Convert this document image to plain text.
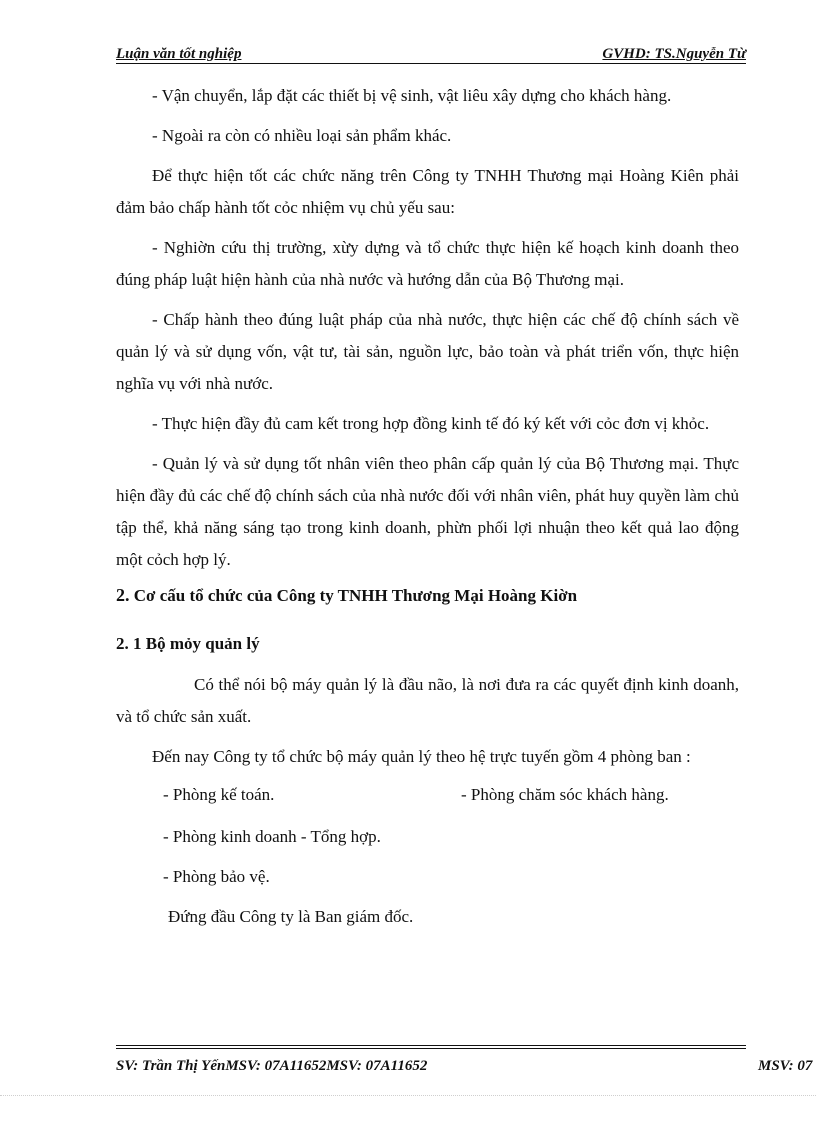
Luận văn tốt nghiệp	GVHD: TS.Nguyễn Từ

- Vận chuyển, lắp đặt các thiết bị vệ sinh, vật liêu xây dựng cho khách hàng.

- Ngoài ra còn có nhiều loại sản phẩm khác.

Để thực hiện tốt các chức năng trên Công ty TNHH Thương mại Hoàng Kiên phải đảm bảo chấp hành tốt cỏc nhiệm vụ chủ yếu sau:

- Nghiờn cứu thị trường, xừy dựng và tổ chức thực hiện kế hoạch kinh doanh theo đúng pháp luật hiện hành của nhà nước và hướng dẫn của Bộ Thương mại.

- Chấp hành theo đúng luật pháp của nhà nước, thực hiện các chế độ chính sách về quản lý và sử dụng vốn, vật tư, tài sản, nguồn lực, bảo toàn và phát triển vốn, thực hiện nghĩa vụ với nhà nước.

- Thực hiện đầy đủ cam kết trong hợp đồng kinh tế đó ký kết với cỏc đơn vị khỏc.

- Quản lý và sử dụng tốt nhân viên theo phân cấp quản lý của Bộ Thương mại. Thực hiện đầy đủ các chế độ chính sách của nhà nước đối với nhân viên, phát huy quyền làm chủ tập thể, khả năng sáng tạo trong kinh doanh, phừn phối lợi nhuận theo kết quả lao động một cỏch hợp lý.

2. Cơ cấu tổ chức của Công ty TNHH Thương Mại Hoàng Kiờn

2. 1 Bộ mỏy quản lý

Có thể nói bộ máy quản lý là đầu não, là nơi đưa ra các quyết định kinh doanh, và tổ chức sản xuất.

Đến nay Công ty tổ chức bộ máy quản lý theo hệ trực tuyến gồm 4 phòng ban :

- Phòng kế toán.	- Phòng chăm sóc khách hàng.

- Phòng kinh doanh - Tổng hợp.

- Phòng bảo vệ.

Đứng đầu Công ty là Ban giám đốc.

SV: Trần Thị YếnMSV: 07A11652MSV: 07A11652	MSV: 07
